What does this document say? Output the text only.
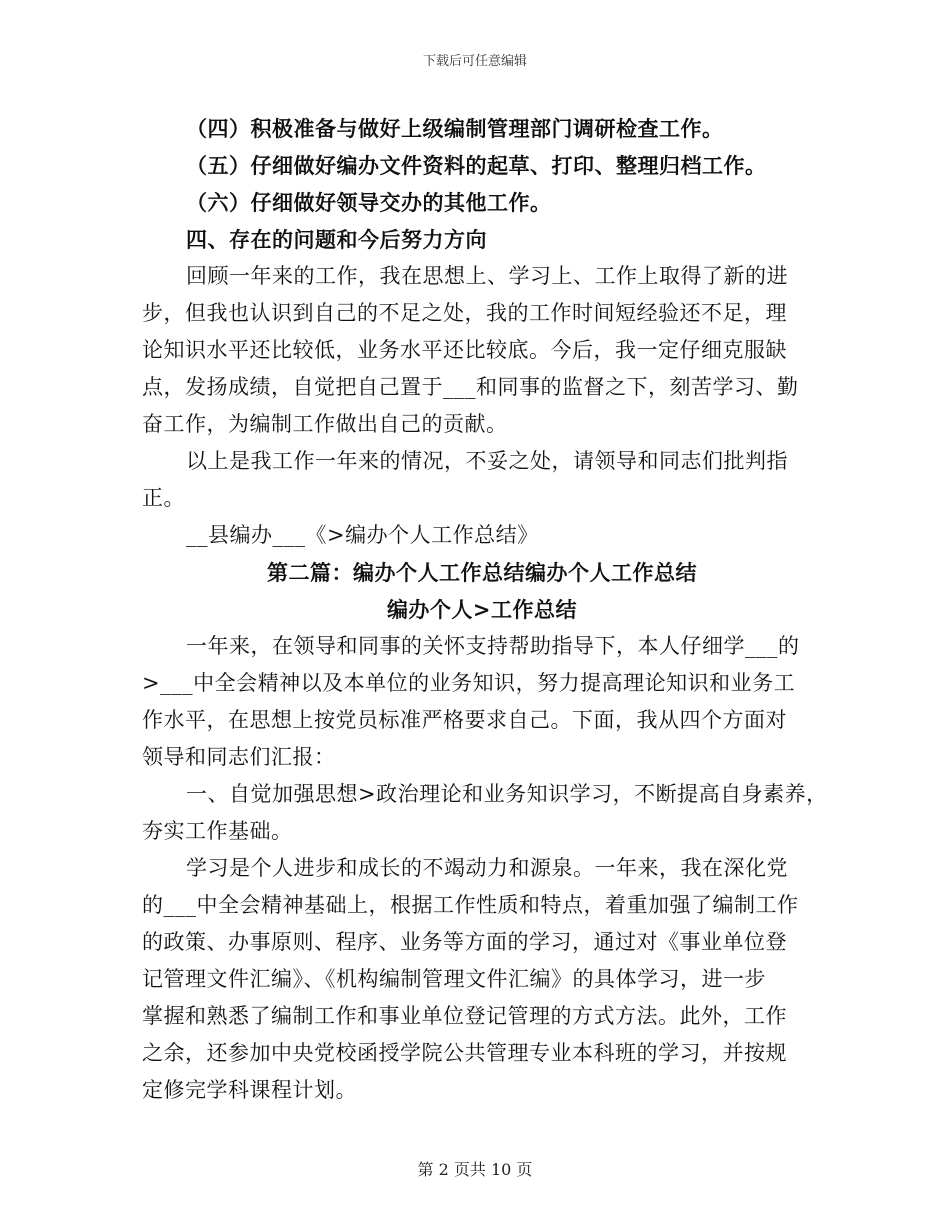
下载后可任意编辑
（四）积极准备与做好上级编制管理部门调研检查工作。
（五）仔细做好编办文件资料的起草、打印、整理归档工作。
（六）仔细做好领导交办的其他工作。
四、存在的问题和今后努力方向
回顾一年来的工作，我在思想上、学习上、工作上取得了新的进
步，但我也认识到自己的不足之处，我的工作时间短经验还不足，理
论知识水平还比较低，业务水平还比较底。今后，我一定仔细克服缺
点，发扬成绩，自觉把自己置于___和同事的监督之下，刻苦学习、勤
奋工作，为编制工作做出自己的贡献。
以上是我工作一年来的情况，不妥之处，请领导和同志们批判指
正。
__县编办___《>编办个人工作总结》
第二篇：编办个人工作总结编办个人工作总结
编办个人>工作总结
一年来，在领导和同事的关怀支持帮助指导下，本人仔细学___的
>___中全会精神以及本单位的业务知识，努力提高理论知识和业务工
作水平，在思想上按党员标准严格要求自己。下面，我从四个方面对
领导和同志们汇报：
一、自觉加强思想>政治理论和业务知识学习，不断提高自身素养，
夯实工作基础。
学习是个人进步和成长的不竭动力和源泉。一年来，我在深化党
的___中全会精神基础上，根据工作性质和特点，着重加强了编制工作
的政策、办事原则、程序、业务等方面的学习，通过对《事业单位登
记管理文件汇编》、《机构编制管理文件汇编》的具体学习，进一步
掌握和熟悉了编制工作和事业单位登记管理的方式方法。此外，工作
之余，还参加中央党校函授学院公共管理专业本科班的学习，并按规
定修完学科课程计划。
第 2 页共 10 页
